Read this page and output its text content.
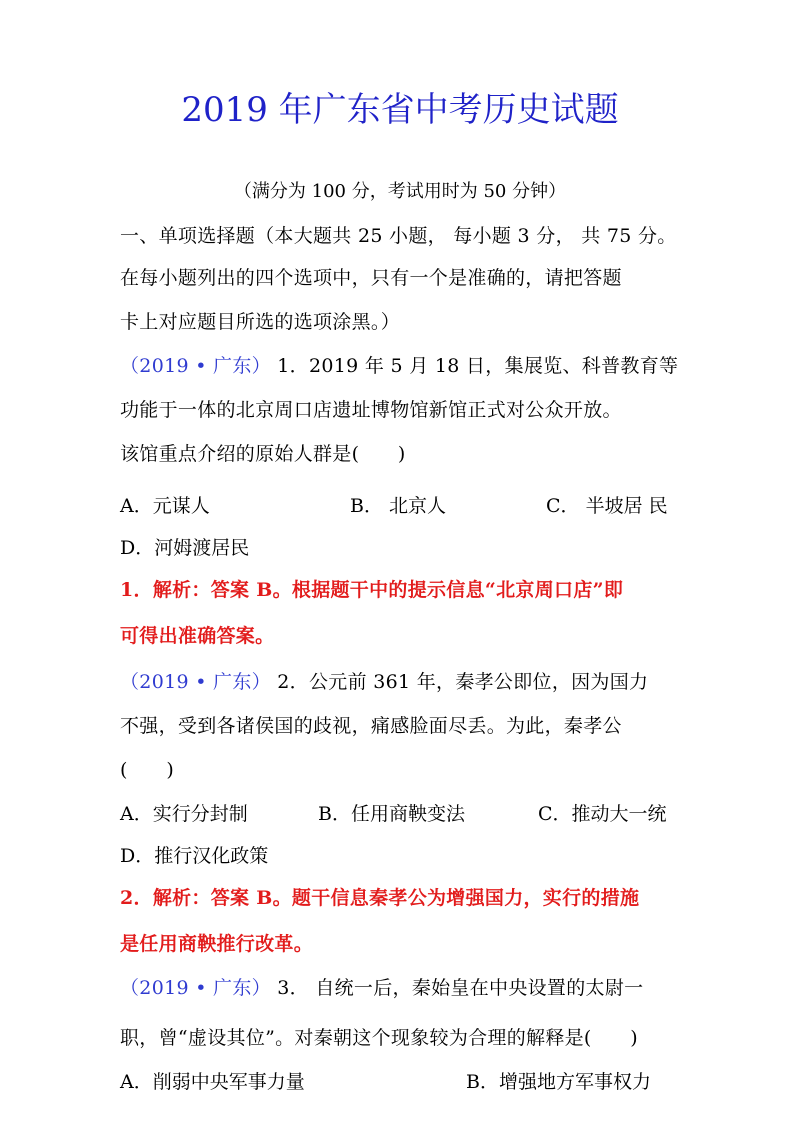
2019 年广东省中考历史试题
（满分为 100 分，考试用时为 50 分钟）
一、单项选择题（本大题共 25 小题， 每小题 3 分， 共 75 分。
在每小题列出的四个选项中，只有一个是准确的，请把答题
卡上对应题目所选的选项涂黑。）
（2019 • 广东） 1．2019 年 5 月 18 日，集展览、科普教育等
功能于一体的北京周口店遗址博物馆新馆正式对公众开放。
该馆重点介绍的原始人群是(　　)
A．元谋人	B． 北京人	C． 半坡居 民
D．河姆渡居民
1．解析：答案 B。根据题干中的提示信息“北京周口店”即
可得出准确答案。
（2019 • 广东） 2．公元前 361 年，秦孝公即位，因为国力
不强，受到各诸侯国的歧视，痛感脸面尽丢。为此，秦孝公
(　　)
A．实行分封制	B．任用商鞅变法	C．推动大一统
D．推行汉化政策
2．解析：答案 B。题干信息秦孝公为增强国力，实行的措施
是任用商鞅推行改革。
（2019 • 广东） 3． 自统一后，秦始皇在中央设置的太尉一
职，曾“虚设其位”。对秦朝这个现象较为合理的解释是(　　)
A．削弱中央军事力量	B．增强地方军事权力
